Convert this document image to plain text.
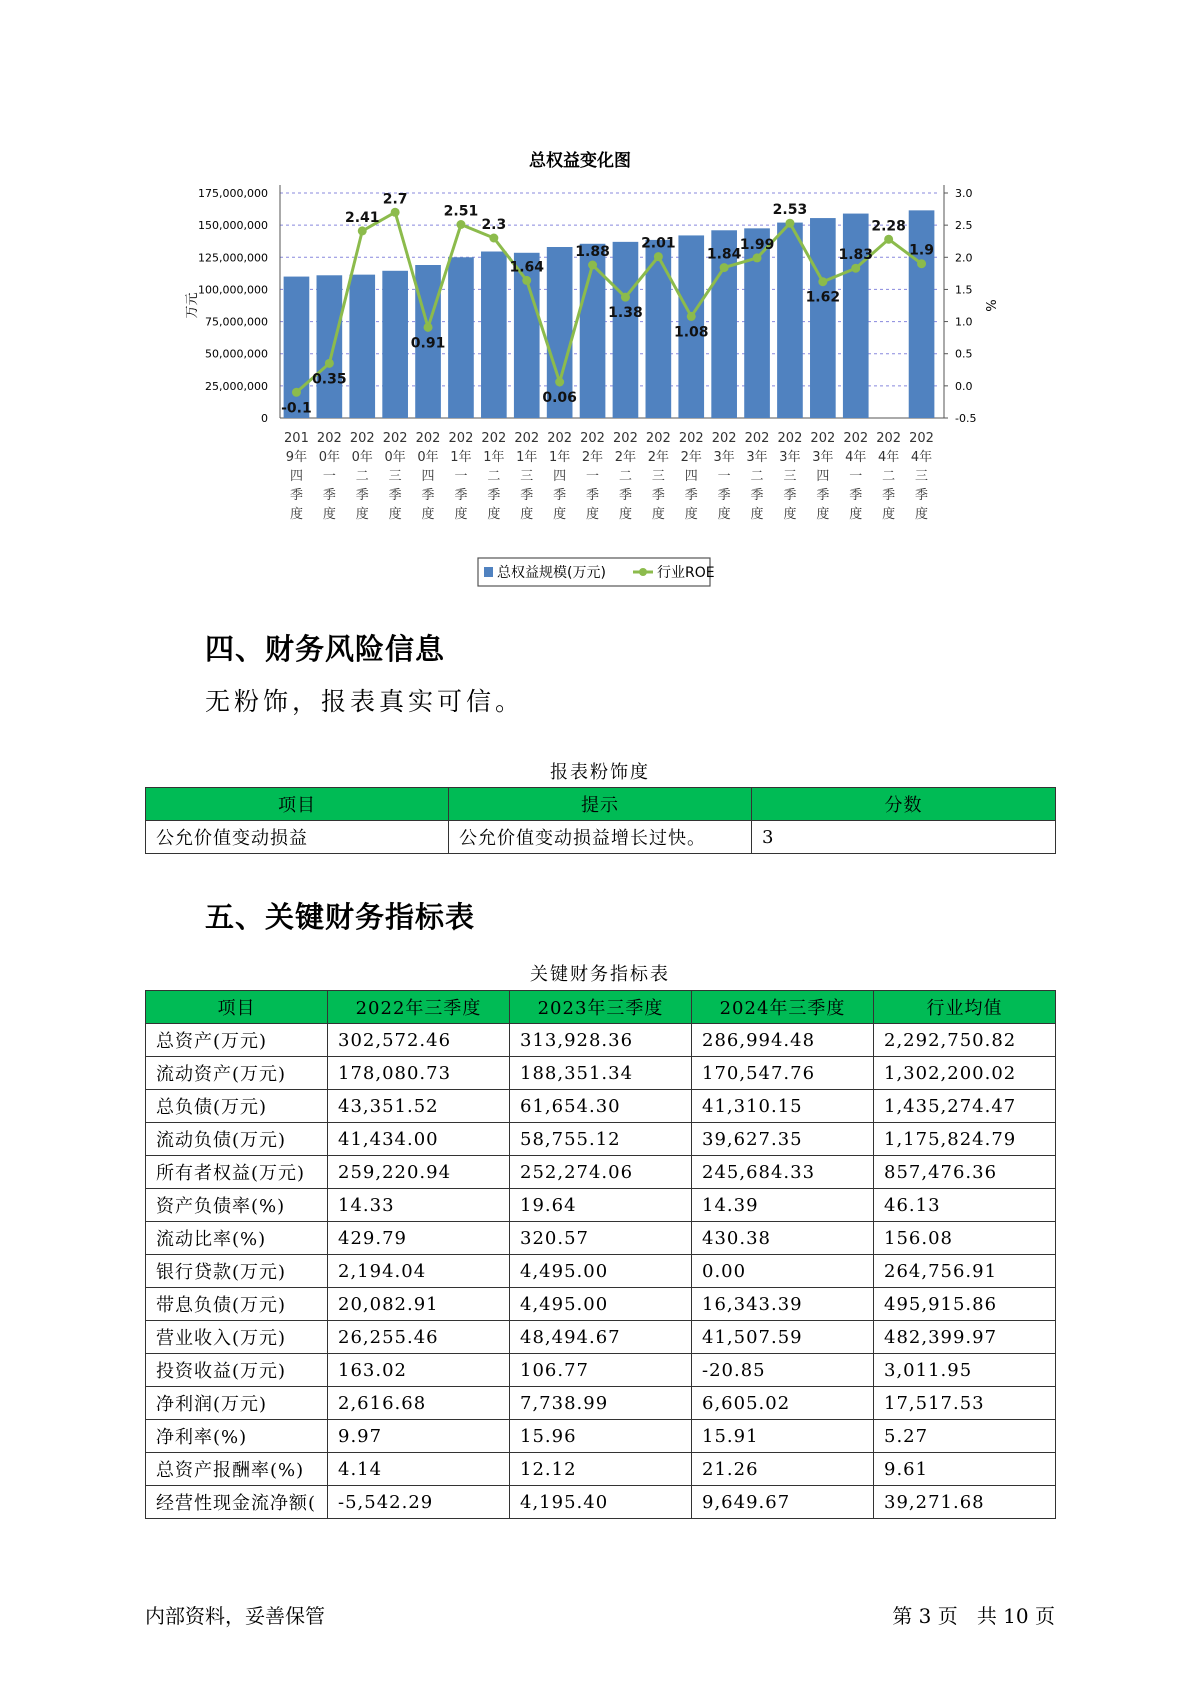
总权益变化图
0
25,000,000
50,000,000
75,000,000
100,000,000
125,000,000
150,000,000
175,000,000
-0.5
0.0
0.5
1.0
1.5
2.0
2.5
3.0
万元	%
-0.1
0.35
2.41
2.7
0.91
2.51
2.3
1.64
0.06
1.88
1.38
2.01
1.08
1.84
1.99
2.53
1.62
1.83
2.28
1.9
201
9年
四
季
度
202
0年
一
季
度
202
0年
二
季
度
202
0年
三
季
度
202
0年
四
季
度
202
1年
一
季
度
202
1年
二
季
度
202
1年
三
季
度
202
1年
四
季
度
202
2年
一
季
度
202
2年
二
季
度
202
2年
三
季
度
202
2年
四
季
度
202
3年
一
季
度
202
3年
二
季
度
202
3年
三
季
度
202
3年
四
季
度
202
4年
一
季
度
202
4年
二
季
度
202
4年
三
季
度
总权益规模(万元)	行业ROE
四、财务风险信息

无粉饰，报表真实可信。

报表粉饰度
项目	提示	分数
公允价值变动损益	公允价值变动损益增长过快。	3
五、关键财务指标表
关键财务指标表
项目	2022年三季度	2023年三季度	2024年三季度	行业均值
总资产(万元)	302,572.46	313,928.36	286,994.48	2,292,750.82
流动资产(万元)	178,080.73	188,351.34	170,547.76	1,302,200.02
总负债(万元)	43,351.52	61,654.30	41,310.15	1,435,274.47
流动负债(万元)	41,434.00	58,755.12	39,627.35	1,175,824.79
所有者权益(万元)	259,220.94	252,274.06	245,684.33	857,476.36
资产负债率(%)	14.33	19.64	14.39	46.13
流动比率(%)	429.79	320.57	430.38	156.08
银行贷款(万元)	2,194.04	4,495.00	0.00	264,756.91
带息负债(万元)	20,082.91	4,495.00	16,343.39	495,915.86
营业收入(万元)	26,255.46	48,494.67	41,507.59	482,399.97
投资收益(万元)	163.02	106.77	-20.85	3,011.95
净利润(万元)	2,616.68	7,738.99	6,605.02	17,517.53
净利率(%)	9.97	15.96	15.91	5.27
总资产报酬率(%)	4.14	12.12	21.26	9.61
经营性现金流净额(	-5,542.29	4,195.40	9,649.67	39,271.68
内部资料，妥善保管	第 3 页   共 10 页
